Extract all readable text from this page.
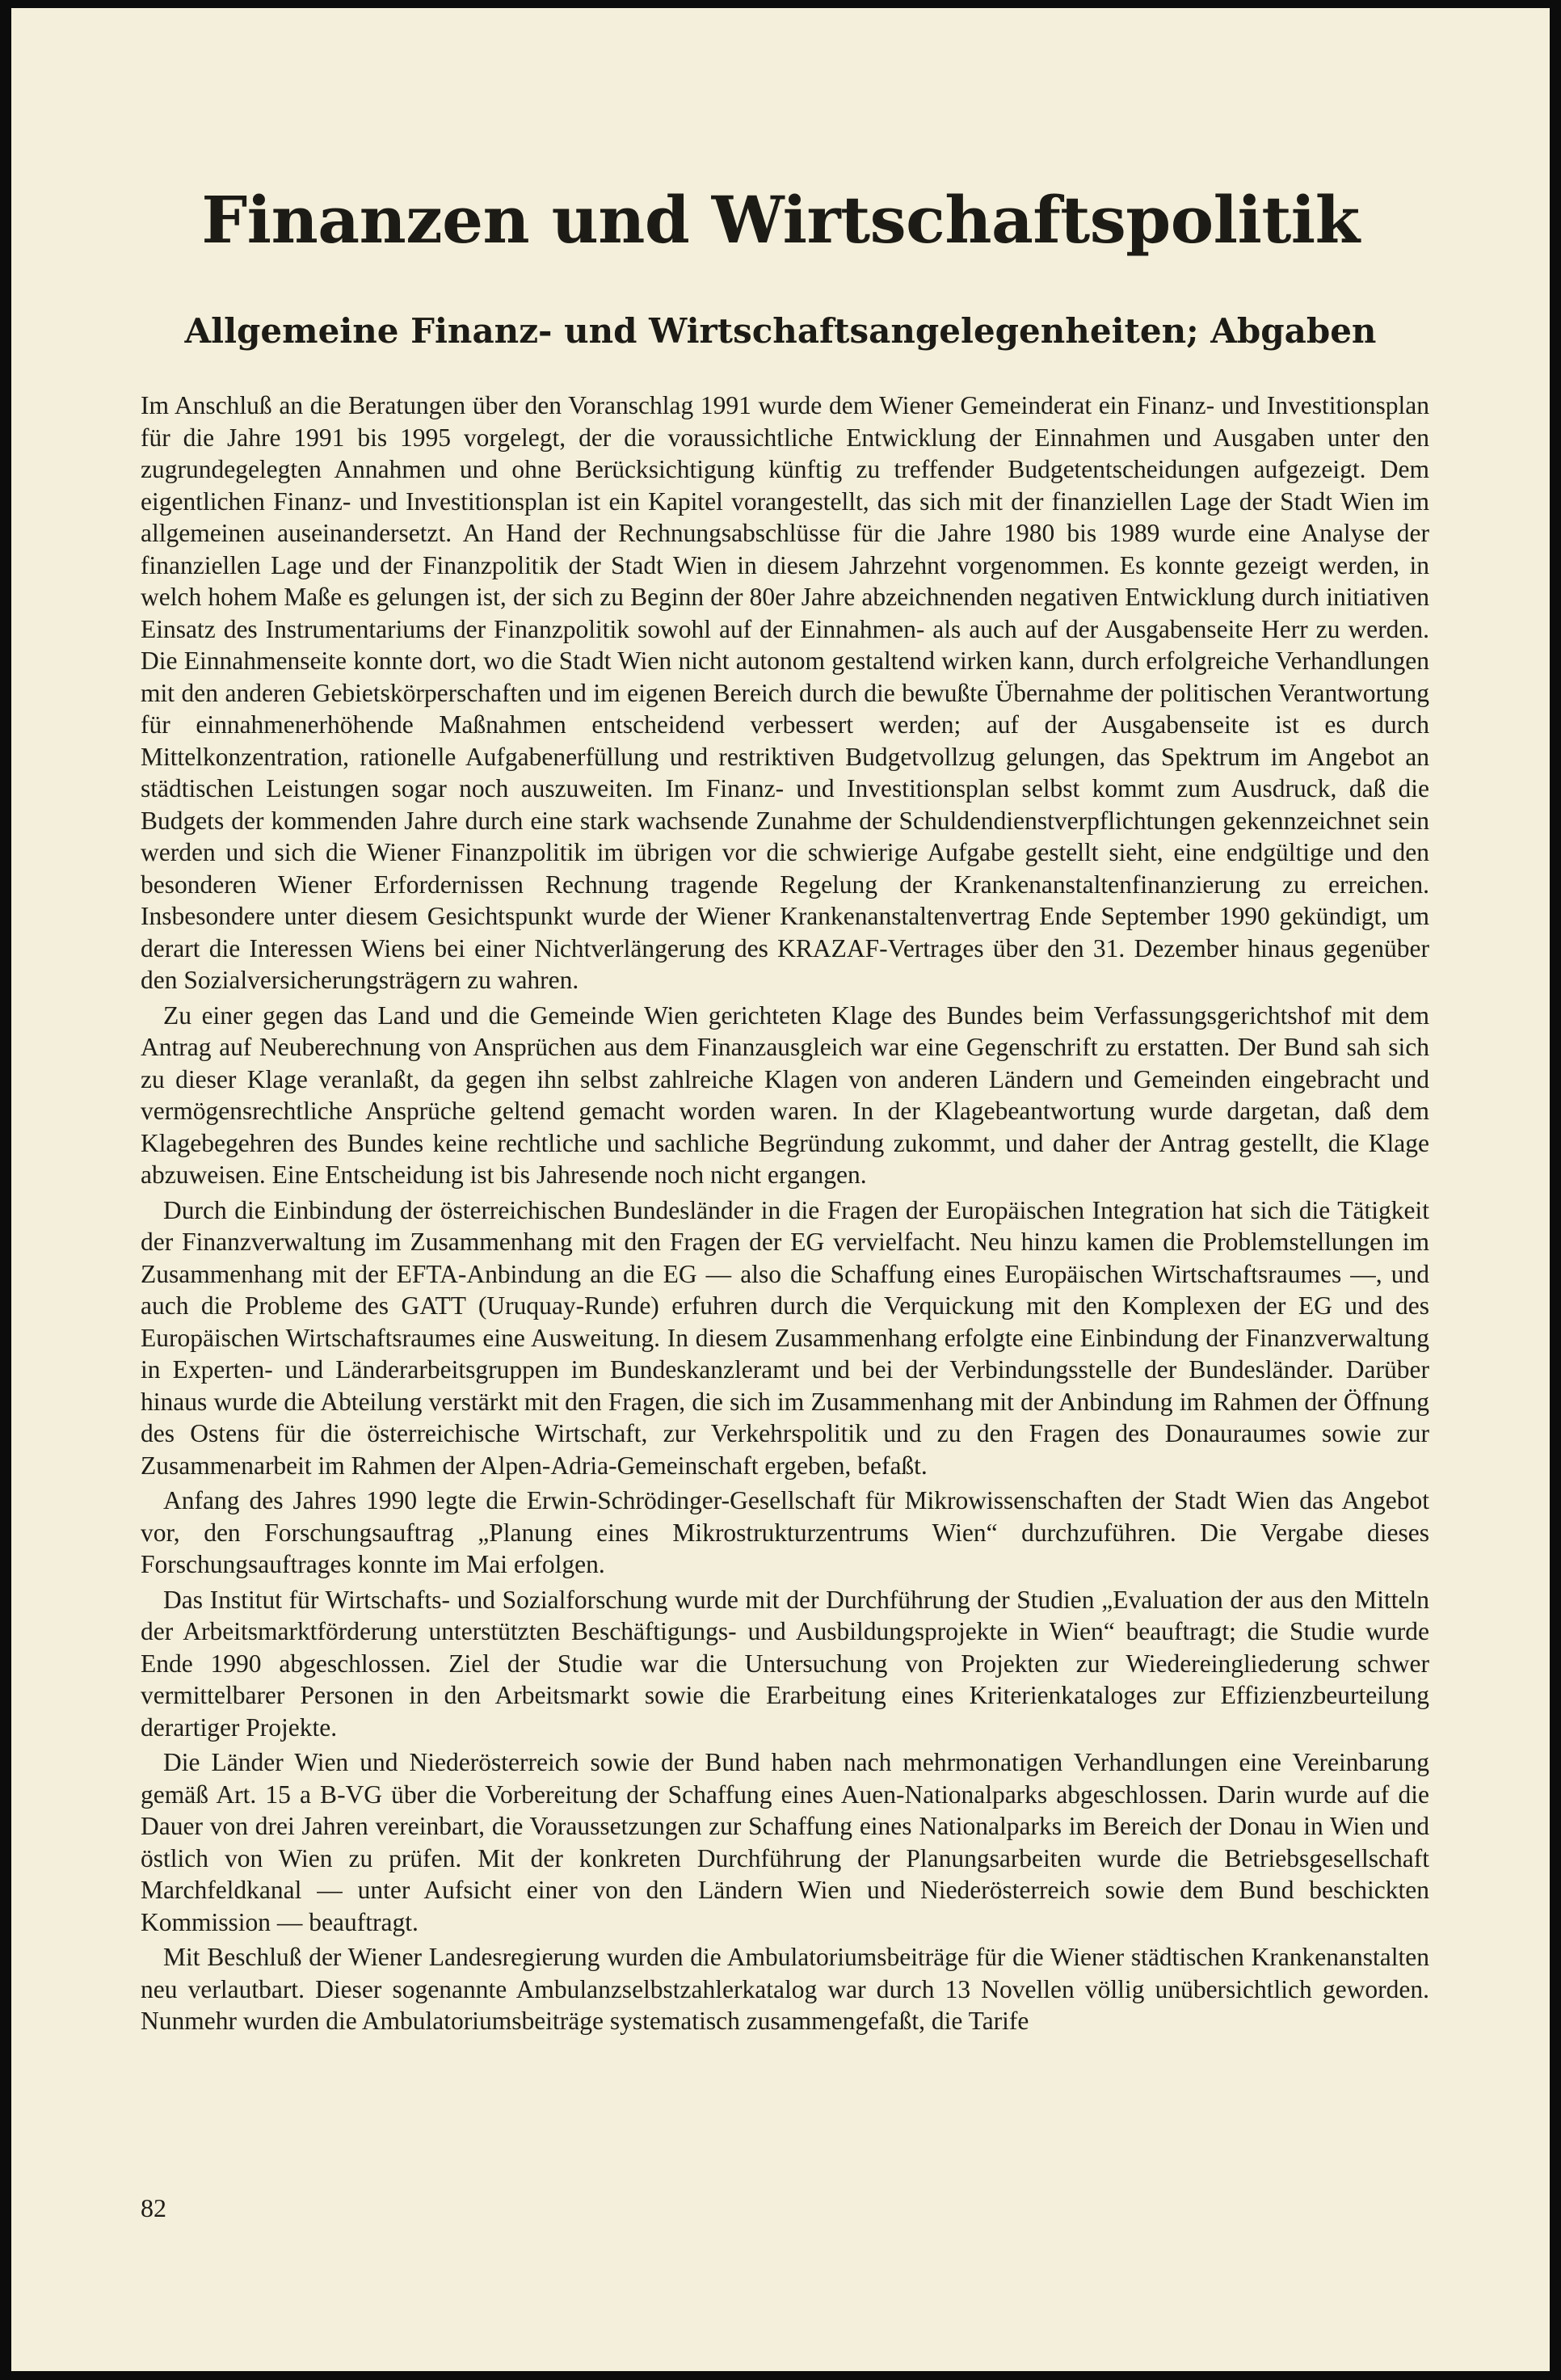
Finanzen und Wirtschaftspolitik
Allgemeine Finanz- und Wirtschaftsangelegenheiten; Abgaben

Im Anschluß an die Beratungen über den Voranschlag 1991 wurde dem Wiener Gemeinderat ein Finanz- und Investitionsplan für die Jahre 1991 bis 1995 vorgelegt, der die voraussichtliche Entwicklung der Einnahmen und Ausgaben unter den zugrundegelegten Annahmen und ohne Berücksichtigung künftig zu treffender Budgetentscheidungen aufgezeigt. Dem eigentlichen Finanz- und Investitionsplan ist ein Kapitel vorangestellt, das sich mit der finanziellen Lage der Stadt Wien im allgemeinen auseinandersetzt. An Hand der Rechnungsabschlüsse für die Jahre 1980 bis 1989 wurde eine Analyse der finanziellen Lage und der Finanzpolitik der Stadt Wien in diesem Jahrzehnt vorgenommen. Es konnte gezeigt werden, in welch hohem Maße es gelungen ist, der sich zu Beginn der 80er Jahre abzeichnenden negativen Entwicklung durch initiativen Einsatz des Instrumentariums der Finanzpolitik sowohl auf der Einnahmen- als auch auf der Ausgabenseite Herr zu werden. Die Einnahmenseite konnte dort, wo die Stadt Wien nicht autonom gestaltend wirken kann, durch erfolgreiche Verhandlungen mit den anderen Gebietskörperschaften und im eigenen Bereich durch die bewußte Übernahme der politischen Verantwortung für einnahmenerhöhende Maßnahmen entscheidend verbessert werden; auf der Ausgabenseite ist es durch Mittelkonzentration, rationelle Aufgabenerfüllung und restriktiven Budgetvollzug gelungen, das Spektrum im Angebot an städtischen Leistungen sogar noch auszuweiten. Im Finanz- und Investitionsplan selbst kommt zum Ausdruck, daß die Budgets der kommenden Jahre durch eine stark wachsende Zunahme der Schuldendienstverpflichtungen gekennzeichnet sein werden und sich die Wiener Finanzpolitik im übrigen vor die schwierige Aufgabe gestellt sieht, eine endgültige und den besonderen Wiener Erfordernissen Rechnung tragende Regelung der Krankenanstaltenfinanzierung zu erreichen. Insbesondere unter diesem Gesichtspunkt wurde der Wiener Krankenanstaltenvertrag Ende September 1990 gekündigt, um derart die Interessen Wiens bei einer Nichtverlängerung des KRAZAF-Vertrages über den 31. Dezember hinaus gegenüber den Sozialversicherungsträgern zu wahren.

Zu einer gegen das Land und die Gemeinde Wien gerichteten Klage des Bundes beim Verfassungsgerichtshof mit dem Antrag auf Neuberechnung von Ansprüchen aus dem Finanzausgleich war eine Gegenschrift zu erstatten. Der Bund sah sich zu dieser Klage veranlaßt, da gegen ihn selbst zahlreiche Klagen von anderen Ländern und Gemeinden eingebracht und vermögensrechtliche Ansprüche geltend gemacht worden waren. In der Klagebeantwortung wurde dargetan, daß dem Klagebegehren des Bundes keine rechtliche und sachliche Begründung zukommt, und daher der Antrag gestellt, die Klage abzuweisen. Eine Entscheidung ist bis Jahresende noch nicht ergangen.

Durch die Einbindung der österreichischen Bundesländer in die Fragen der Europäischen Integration hat sich die Tätigkeit der Finanzverwaltung im Zusammenhang mit den Fragen der EG vervielfacht. Neu hinzu kamen die Problemstellungen im Zusammenhang mit der EFTA-Anbindung an die EG — also die Schaffung eines Europäischen Wirtschaftsraumes —, und auch die Probleme des GATT (Uruquay-Runde) erfuhren durch die Verquickung mit den Komplexen der EG und des Europäischen Wirtschaftsraumes eine Ausweitung. In diesem Zusammenhang erfolgte eine Einbindung der Finanzverwaltung in Experten- und Länderarbeitsgruppen im Bundeskanzleramt und bei der Verbindungsstelle der Bundesländer. Darüber hinaus wurde die Abteilung verstärkt mit den Fragen, die sich im Zusammenhang mit der Anbindung im Rahmen der Öffnung des Ostens für die österreichische Wirtschaft, zur Verkehrspolitik und zu den Fragen des Donauraumes sowie zur Zusammenarbeit im Rahmen der Alpen-Adria-Gemeinschaft ergeben, befaßt.

Anfang des Jahres 1990 legte die Erwin-Schrödinger-Gesellschaft für Mikrowissenschaften der Stadt Wien das Angebot vor, den Forschungsauftrag „Planung eines Mikrostrukturzentrums Wien“ durchzuführen. Die Vergabe dieses Forschungsauftrages konnte im Mai erfolgen.

Das Institut für Wirtschafts- und Sozialforschung wurde mit der Durchführung der Studien „Evaluation der aus den Mitteln der Arbeitsmarktförderung unterstützten Beschäftigungs- und Ausbildungsprojekte in Wien“ beauftragt; die Studie wurde Ende 1990 abgeschlossen. Ziel der Studie war die Untersuchung von Projekten zur Wiedereingliederung schwer vermittelbarer Personen in den Arbeitsmarkt sowie die Erarbeitung eines Kriterienkataloges zur Effizienzbeurteilung derartiger Projekte.

Die Länder Wien und Niederösterreich sowie der Bund haben nach mehrmonatigen Verhandlungen eine Vereinbarung gemäß Art. 15 a B-VG über die Vorbereitung der Schaffung eines Auen-Nationalparks abgeschlossen. Darin wurde auf die Dauer von drei Jahren vereinbart, die Voraussetzungen zur Schaffung eines Nationalparks im Bereich der Donau in Wien und östlich von Wien zu prüfen. Mit der konkreten Durchführung der Planungsarbeiten wurde die Betriebsgesellschaft Marchfeldkanal — unter Aufsicht einer von den Ländern Wien und Niederösterreich sowie dem Bund beschickten Kommission — beauftragt.

Mit Beschluß der Wiener Landesregierung wurden die Ambulatoriumsbeiträge für die Wiener städtischen Krankenanstalten neu verlautbart. Dieser sogenannte Ambulanzselbstzahlerkatalog war durch 13 Novellen völlig unübersichtlich geworden. Nunmehr wurden die Ambulatoriumsbeiträge systematisch zusammengefaßt, die Tarife

82
